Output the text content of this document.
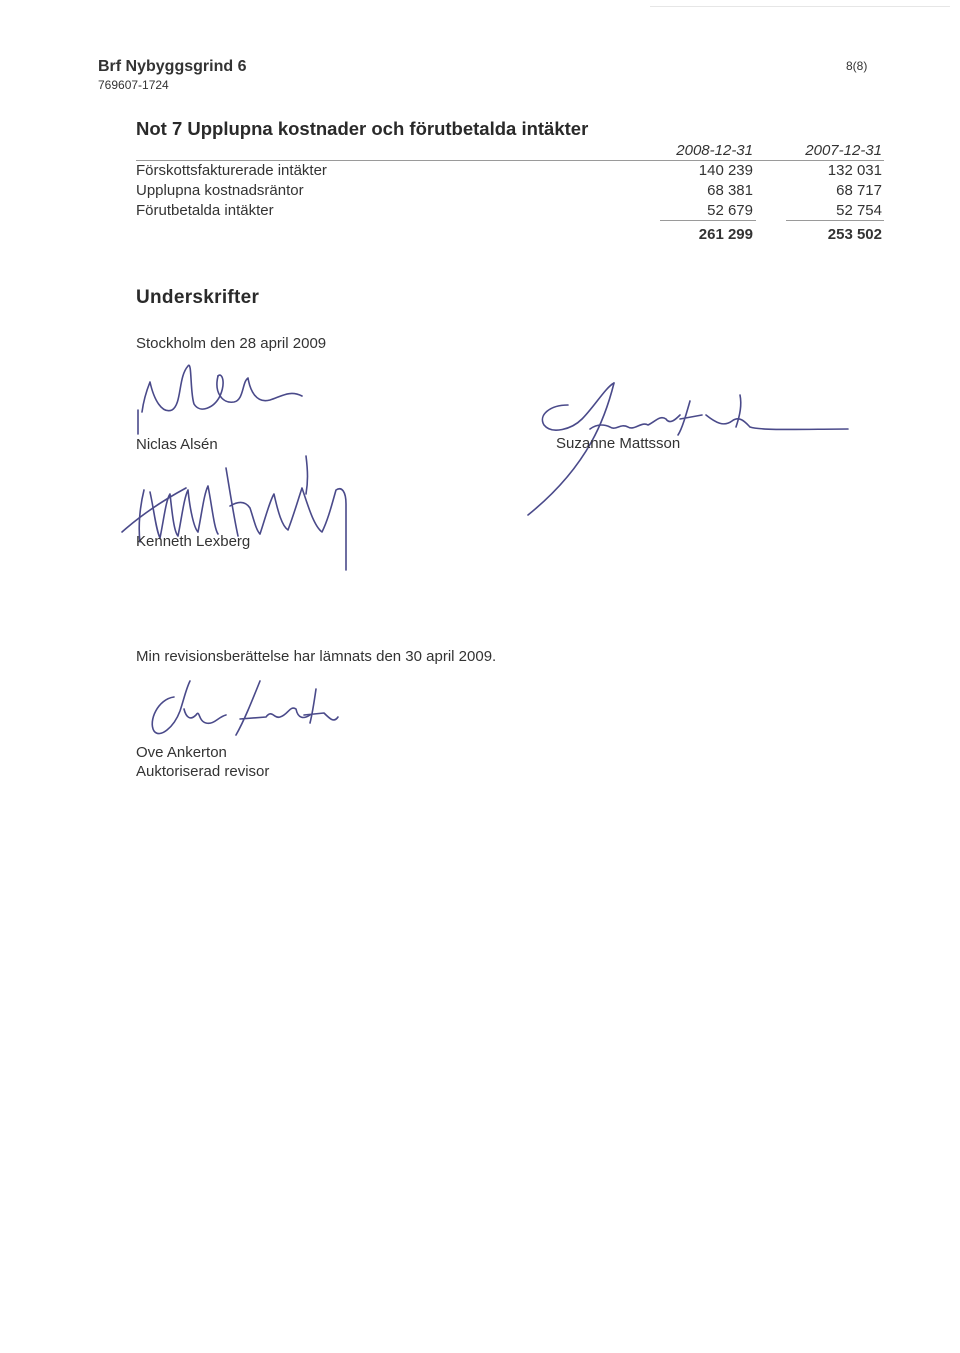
Brf Nybyggsgrind 6
769607-1724
8(8)
Not 7 Upplupna kostnader och förutbetalda intäkter
2008-12-31	2007-12-31
Förskottsfakturerade intäkter	140 239	132 031
Upplupna kostnadsräntor	68 381	68 717
Förutbetalda intäkter	52 679	52 754
261 299	253 502
Underskrifter
Stockholm den 28 april 2009
Niclas Alsén	Suzanne Mattsson
Kenneth Lexberg
Min revisionsberättelse har lämnats den 30 april 2009.
Ove Ankerton
Auktoriserad revisor
